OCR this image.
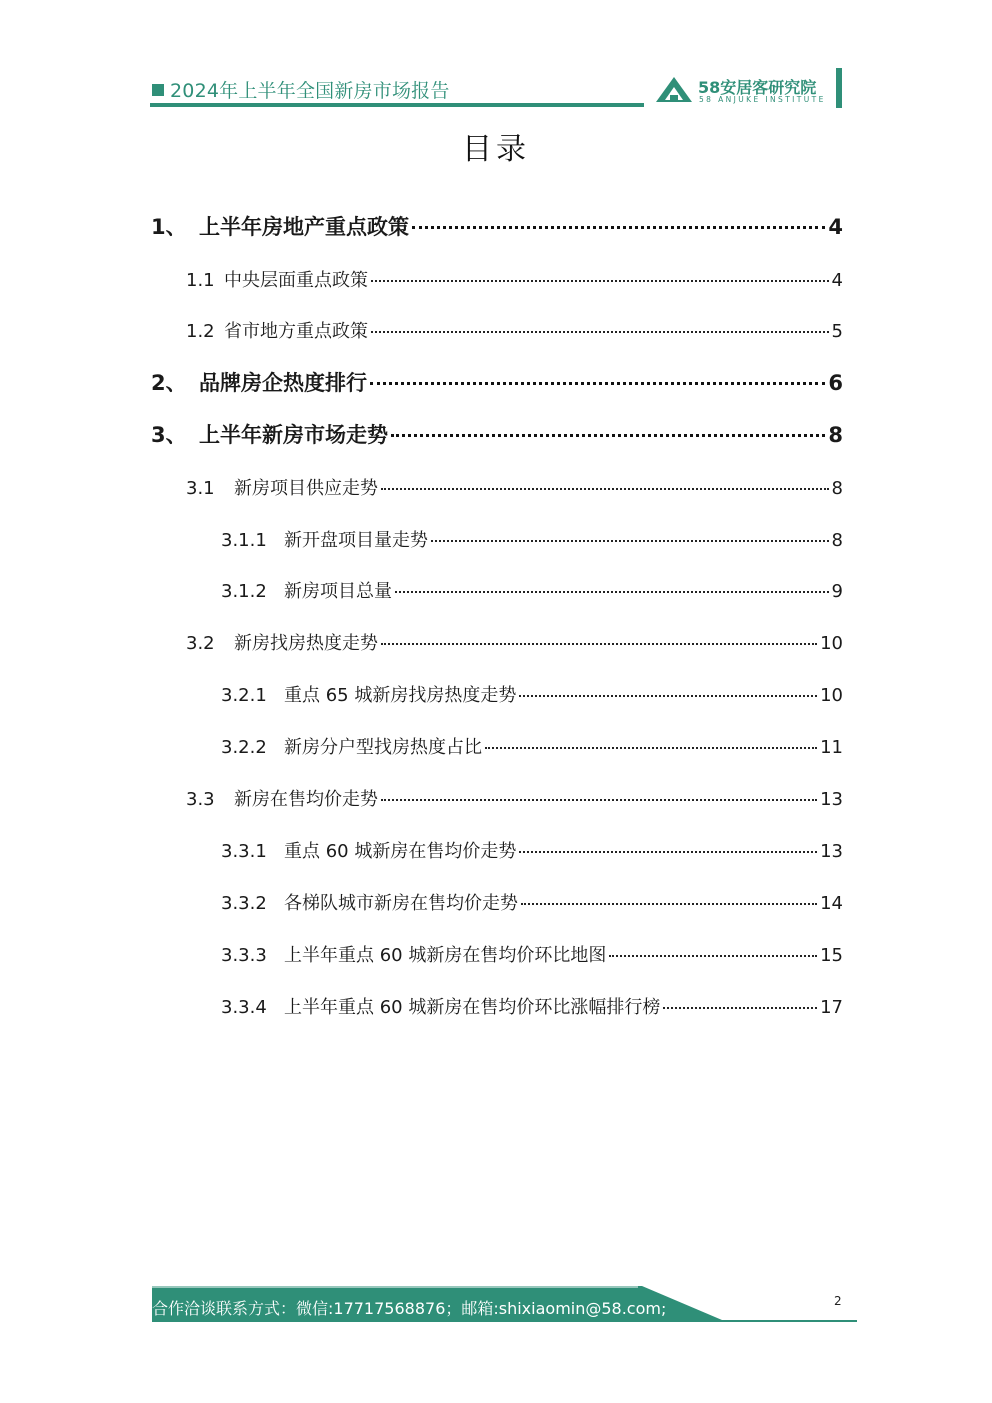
2024年上半年全国新房市场报告	58安居客研究院
58 ANJUKE INSTITUTE
目录
1、 上半年房地产重点政策	4
1.1 中央层面重点政策	4
1.2 省市地方重点政策	5
2、 品牌房企热度排行	6
3、 上半年新房市场走势	8
3.1	新房项目供应走势	8
3.1.1 新开盘项目量走势	8
3.1.2 新房项目总量	9
3.2	新房找房热度走势	10
3.2.1 重点 65 城新房找房热度走势	10
3.2.2 新房分户型找房热度占比	11
3.3	新房在售均价走势	13
3.3.1 重点 60 城新房在售均价走势	13
3.3.2 各梯队城市新房在售均价走势	14
3.3.3 上半年重点 60 城新房在售均价环比地图	15
3.3.4 上半年重点 60 城新房在售均价环比涨幅排行榜	17
合作洽谈联系方式：微信:17717568876；邮箱:shixiaomin@58.com;	2
